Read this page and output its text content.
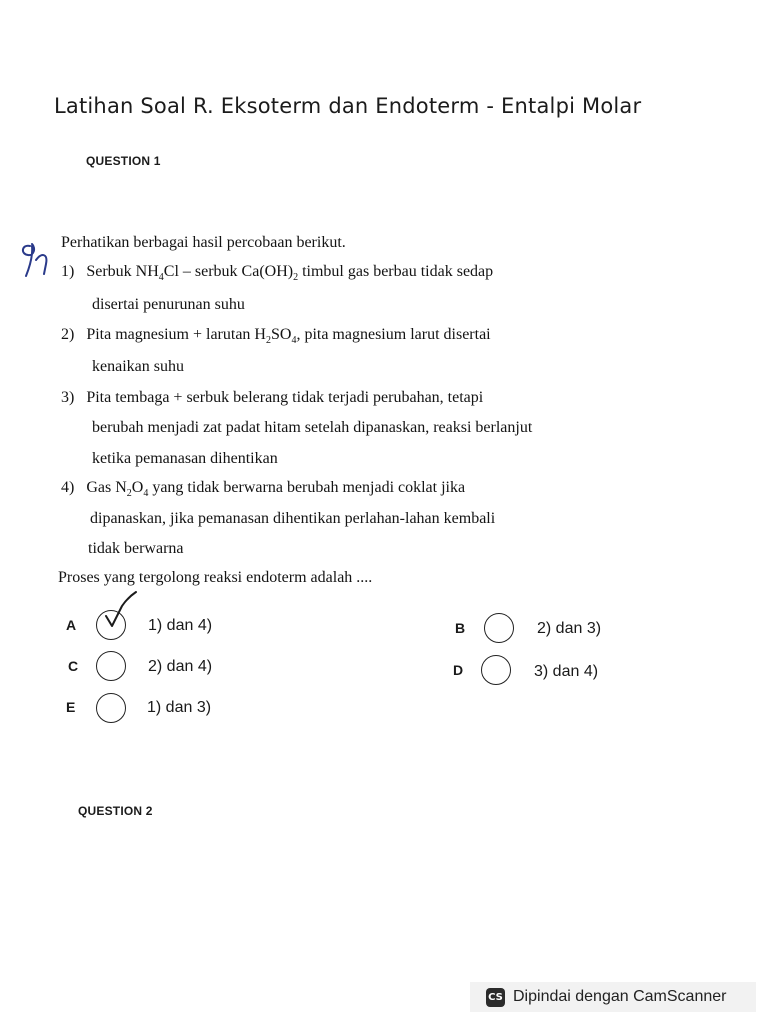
Latihan Soal R. Eksoterm dan Endoterm - Entalpi Molar
QUESTION 1
Perhatikan berbagai hasil percobaan berikut.
1) Serbuk $NH_4Cl$ – serbuk $Ca(OH)_2$ timbul gas berbau tidak sedap
disertai penurunan suhu
2) Pita magnesium + larutan $H_2SO_4$, pita magnesium larut disertai
kenaikan suhu
3) Pita tembaga + serbuk belerang tidak terjadi perubahan, tetapi
berubah menjadi zat padat hitam setelah dipanaskan, reaksi berlanjut
ketika pemanasan dihentikan
4) Gas $N_2O_4$ yang tidak berwarna berubah menjadi coklat jika
dipanaskan, jika pemanasan dihentikan perlahan-lahan kembali
tidak berwarna
Proses yang tergolong reaksi endoterm adalah ....
A	1) dan 4)	B	2) dan 3)
C	2) dan 4)	D	3) dan 4)
E	1) dan 3)
QUESTION 2
CS Dipindai dengan CamScanner
